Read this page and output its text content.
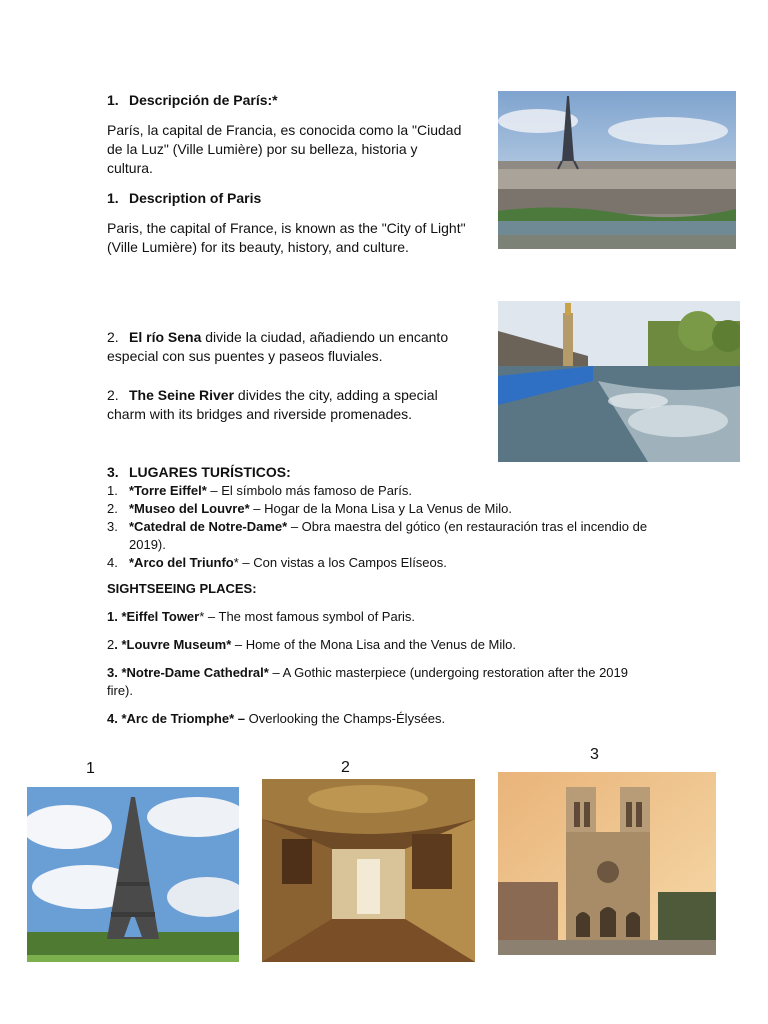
1. Descripción de París:*
París, la capital de Francia, es conocida como la "Ciudad de la Luz" (Ville Lumière) por su belleza, historia y cultura.
1. Description of Paris
Paris, the capital of France, is known as the "City of Light" (Ville Lumière) for its beauty, history, and culture.
2. El río Sena divide la ciudad, añadiendo un encanto especial con sus puentes y paseos fluviales.
2. The Seine River divides the city, adding a special charm with its bridges and riverside promenades.
3. LUGARES TURÍSTICOS:
1. *Torre Eiffel* – El símbolo más famoso de París.
2. *Museo del Louvre* – Hogar de la Mona Lisa y La Venus de Milo.
3. *Catedral de Notre-Dame* – Obra maestra del gótico (en restauración tras el incendio de 2019).
4. *Arco del Triunfo* – Con vistas a los Campos Elíseos.
SIGHTSEEING PLACES:
1. *Eiffel Tower* – The most famous symbol of Paris.
2. *Louvre Museum* – Home of the Mona Lisa and the Venus de Milo.
3. *Notre-Dame Cathedral* – A Gothic masterpiece (undergoing restoration after the 2019 fire).
4. *Arc de Triomphe* – Overlooking the Champs-Élysées.
1	2
3
